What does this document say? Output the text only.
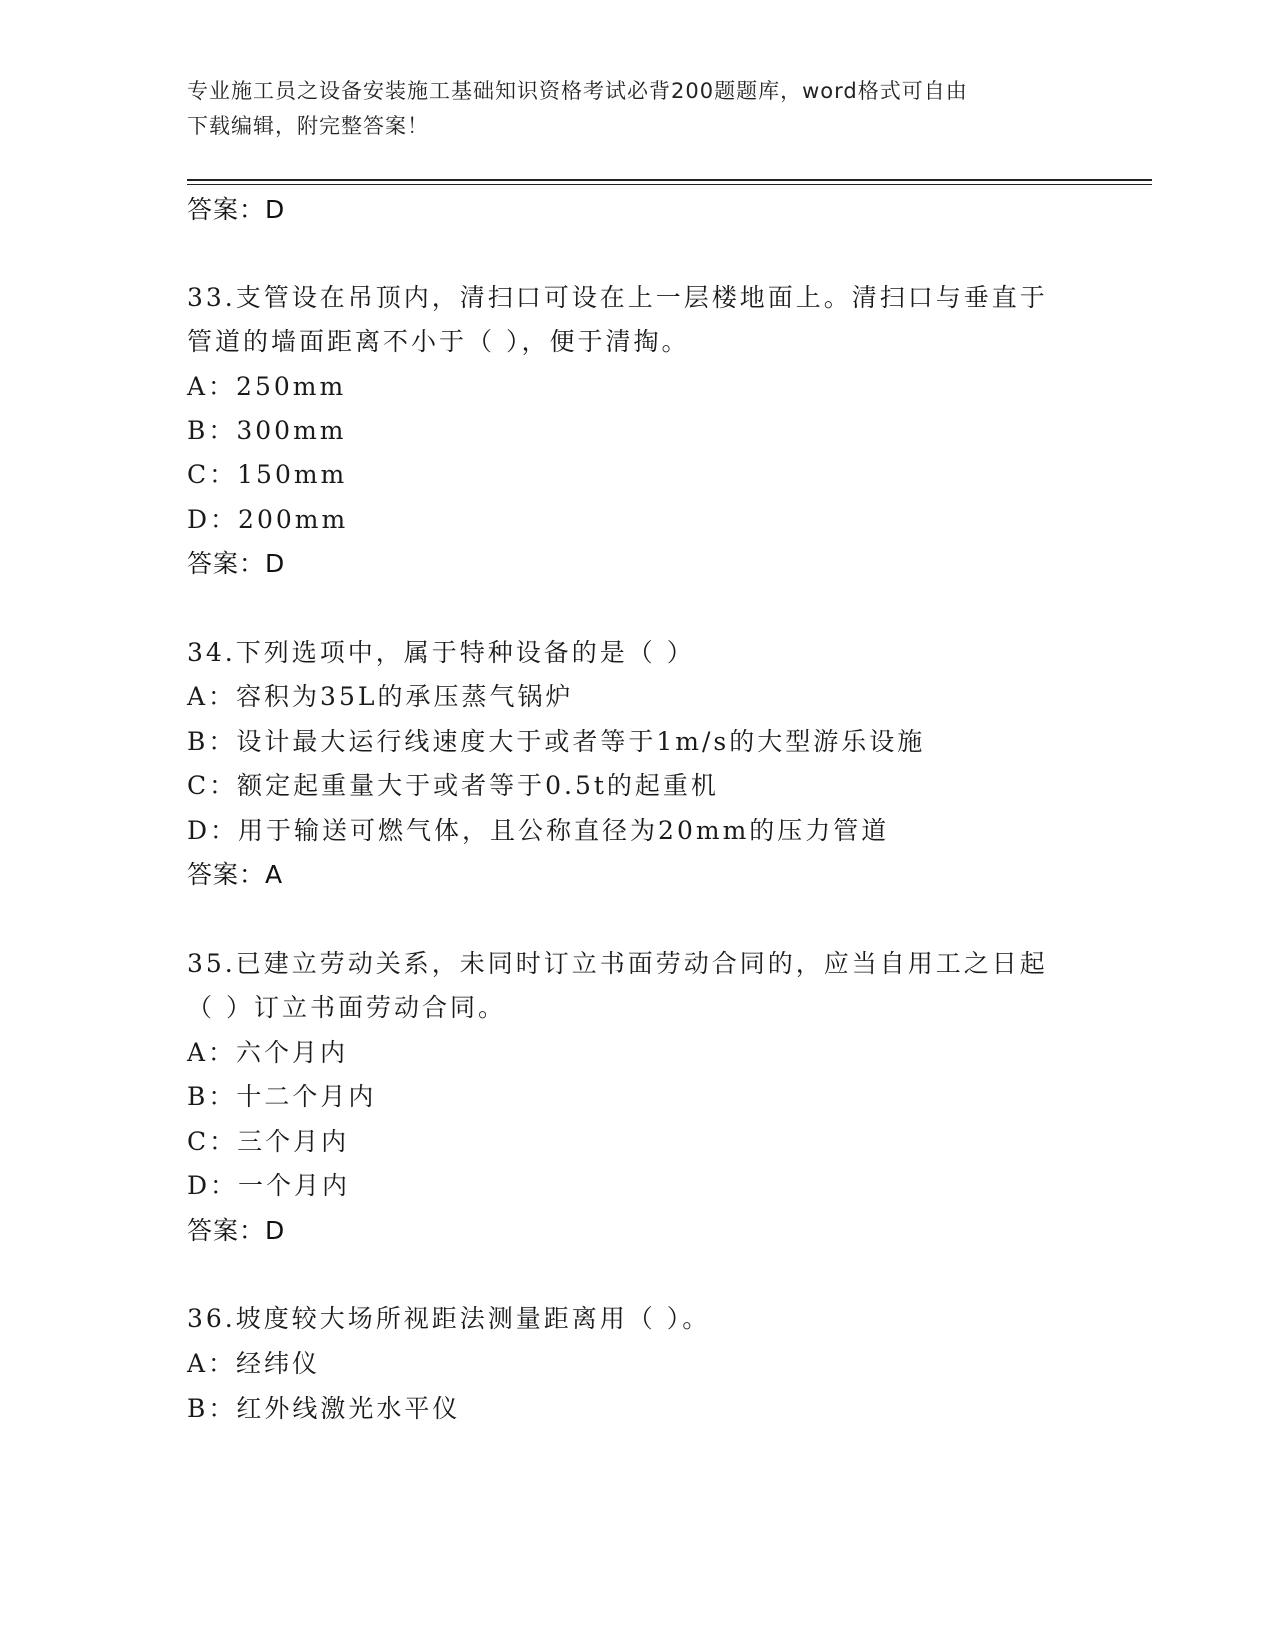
专业施工员之设备安装施工基础知识资格考试必背200题题库，word格式可自由
下载编辑，附完整答案！
答案：D
33.支管设在吊顶内，清扫口可设在上一层楼地面上。清扫口与垂直于
管道的墙面距离不小于（ ），便于清掏。
A：250mm
B：300mm
C：150mm
D：200mm
答案：D
34.下列选项中，属于特种设备的是（ ）
A：容积为35L的承压蒸气锅炉
B：设计最大运行线速度大于或者等于1m/s的大型游乐设施
C：额定起重量大于或者等于0.5t的起重机
D：用于输送可燃气体，且公称直径为20mm的压力管道
答案：A
35.已建立劳动关系，未同时订立书面劳动合同的，应当自用工之日起
（ ）订立书面劳动合同。
A：六个月内
B：十二个月内
C：三个月内
D：一个月内
答案：D
36.坡度较大场所视距法测量距离用（ ）。
A：经纬仪
B：红外线激光水平仪
